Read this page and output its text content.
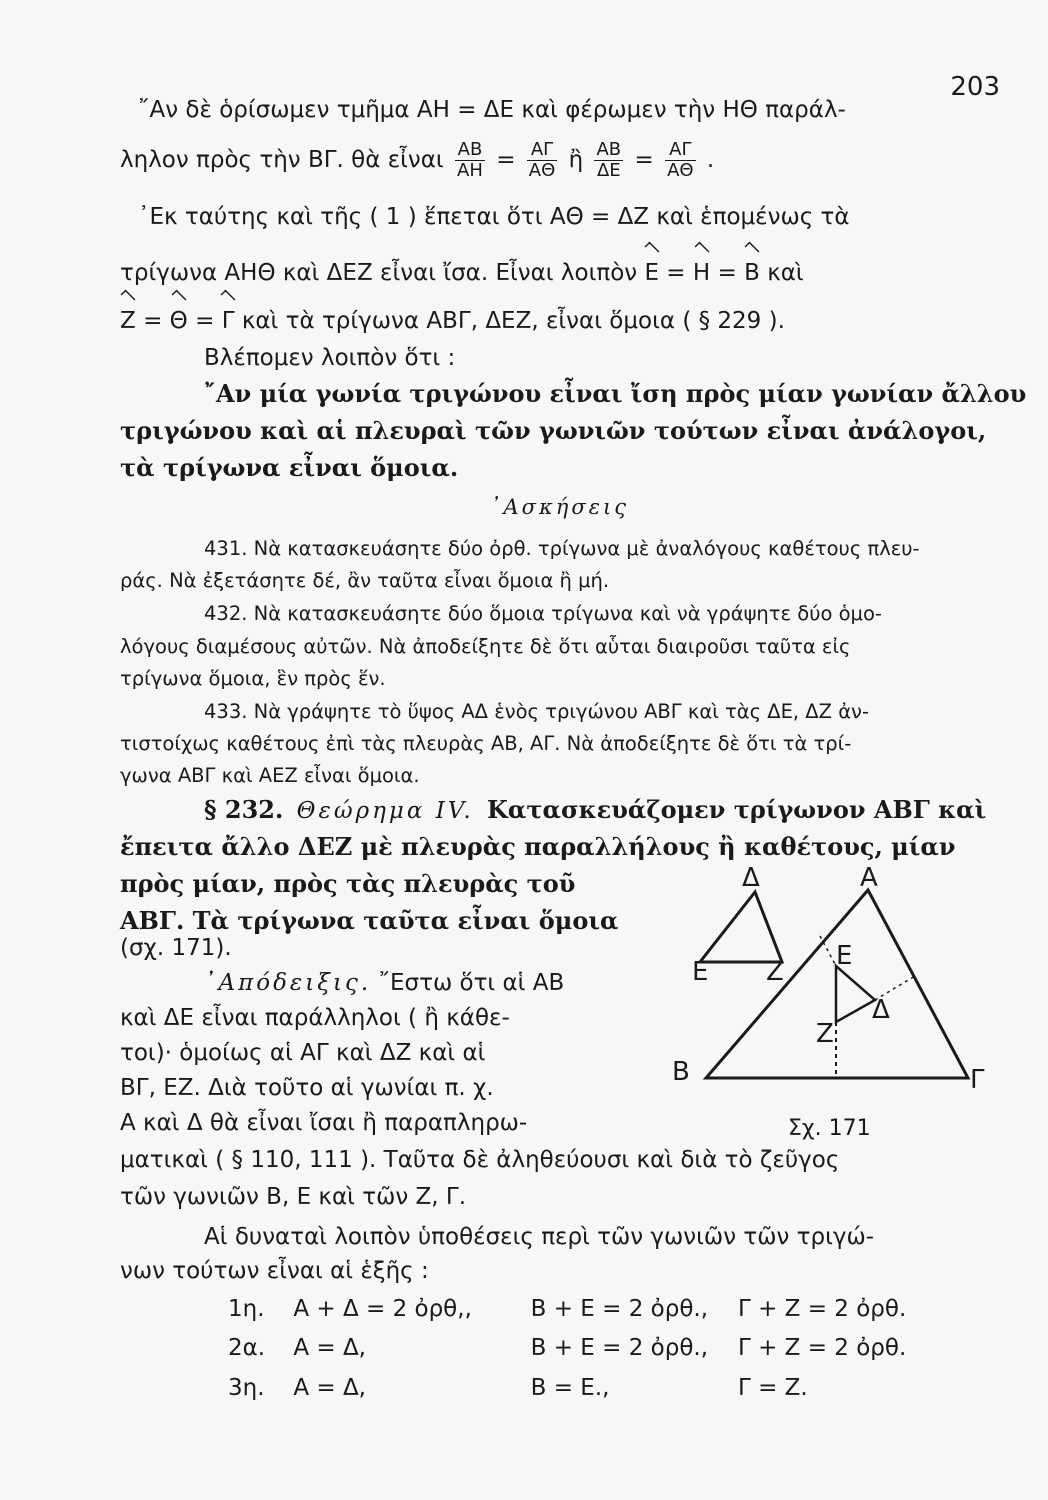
203
῎Αν δὲ ὁρίσωμεν τμῆμα ΑΗ = ΔΕ καὶ φέρωμεν τὴν ΗΘ παράλ-
ληλον πρὸς τὴν ΒΓ. θὰ εἶναι $\frac{AB}{AH} = \frac{A\Gamma}{A\Theta}$ ἢ $\frac{AB}{\Delta E} = \frac{A\Gamma}{A\Theta}$ .
᾿Εκ ταύτης καὶ τῆς ( 1 ) ἕπεται ὅτι ΑΘ = ΔΖ καὶ ἑπομένως τὰ
τρίγωνα ΑΗΘ καὶ ΔΕΖ εἶναι ἴσα. Εἶναι λοιπὸν Ε = Η = Β καὶ
Ζ = Θ = Γ καὶ τὰ τρίγωνα ΑΒΓ, ΔΕΖ, εἶναι ὅμοια ( § 229 ).
Βλέπομεν λοιπὸν ὅτι :
῎Αν μία γωνία τριγώνου εἶναι ἴση πρὸς μίαν γωνίαν ἄλλου
τριγώνου καὶ αἱ πλευραὶ τῶν γωνιῶν τούτων εἶναι ἀνάλογοι,
τὰ τρίγωνα εἶναι ὅμοια.
᾿Ασκήσεις
431. Νὰ κατασκευάσητε δύο ὀρθ. τρίγωνα μὲ ἀναλόγους καθέτους πλευ-
ράς. Νὰ ἐξετάσητε δέ, ἂν ταῦτα εἶναι ὅμοια ἢ μή.
432. Νὰ κατασκευάσητε δύο ὅμοια τρίγωνα καὶ νὰ γράψητε δύο ὁμο-
λόγους διαμέσους αὐτῶν. Νὰ ἀποδείξητε δὲ ὅτι αὗται διαιροῦσι ταῦτα εἰς
τρίγωνα ὅμοια, ἓν πρὸς ἕν.
433. Νὰ γράψητε τὸ ὕψος ΑΔ ἑνὸς τριγώνου ΑΒΓ καὶ τὰς ΔΕ, ΔΖ ἀν-
τιστοίχως καθέτους ἐπὶ τὰς πλευρὰς ΑΒ, ΑΓ. Νὰ ἀποδείξητε δὲ ὅτι τὰ τρί-
γωνα ΑΒΓ καὶ ΑΕΖ εἶναι ὅμοια.
§ 232. Θεώρημα IV. Κατασκευάζομεν τρίγωνον ΑΒΓ καὶ
ἔπειτα ἄλλο ΔΕΖ μὲ πλευρὰς παραλλήλους ἢ καθέτους, μίαν
πρὸς μίαν, πρὸς τὰς πλευρὰς τοῦ
ΑΒΓ. Τὰ τρίγωνα ταῦτα εἶναι ὅμοια
(σχ. 171).
᾿Απόδειξις. ῎Εστω ὅτι αἱ ΑΒ
καὶ ΔΕ εἶναι παράλληλοι ( ἢ κάθε-
τοι)· ὁμοίως αἱ ΑΓ καὶ ΔΖ καὶ αἱ
ΒΓ, ΕΖ. Διὰ τοῦτο αἱ γωνίαι π. χ.
Α καὶ Δ θὰ εἶναι ἴσαι ἢ παραπληρω-
ματικαὶ ( § 110, 111 ). Ταῦτα δὲ ἀληθεύουσι καὶ διὰ τὸ ζεῦγος
τῶν γωνιῶν Β, Ε καὶ τῶν Ζ, Γ.
Αἱ δυναταὶ λοιπὸν ὑποθέσεις περὶ τῶν γωνιῶν τῶν τριγώ-
νων τούτων εἶναι αἱ ἑξῆς :
1η. Α + Δ = 2 ὀρθ,,	Β + Ε = 2 ὀρθ., Γ + Ζ = 2 ὀρθ.
2α. Α = Δ,	Β + Ε = 2 ὀρθ., Γ + Ζ = 2 ὀρθ.
3η. Α = Δ,	Β = Ε.,	Γ = Ζ.
Δ	Α
Ε Ζ
Ε
Ζ
Δ
Β	Γ
Σχ. 171
